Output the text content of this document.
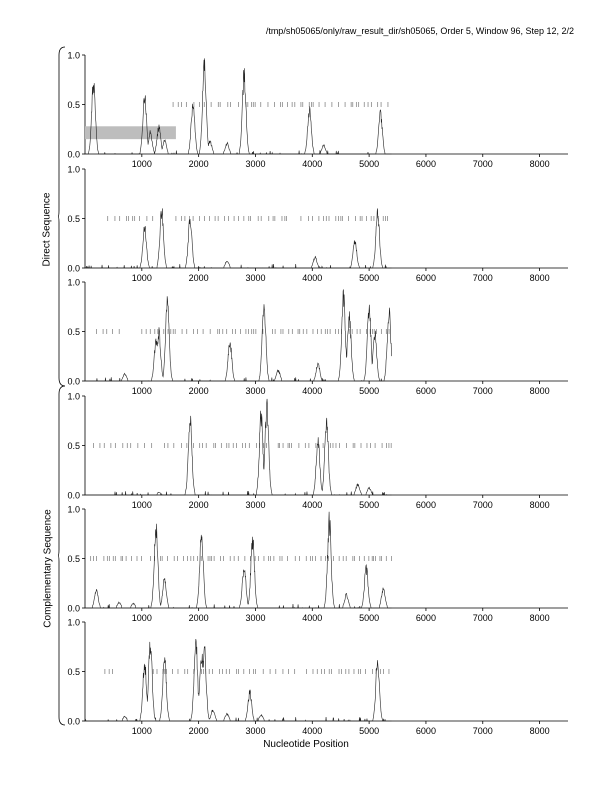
0.0
0.5
1.0
1000	2000	3000	4000	5000	6000	7000	8000
0.0
0.5
1.0
1000	2000	3000	4000	5000	6000	7000	8000
0.0
0.5
1.0
1000	2000	3000	4000	5000	6000	7000	8000
0.0
0.5
1.0
1000	2000	3000	4000	5000	6000	7000	8000
0.0
0.5
1.0
1000	2000	3000	4000	5000	6000	7000	8000
0.0
0.5
1.0
1000	2000	3000	4000	5000	6000	7000	8000
/tmp/sh05065/only/raw_result_dir/sh05065, Order 5, Window 96, Step 12, 2/2
Direct Sequence
Complementary Sequence
Nucleotide Position
